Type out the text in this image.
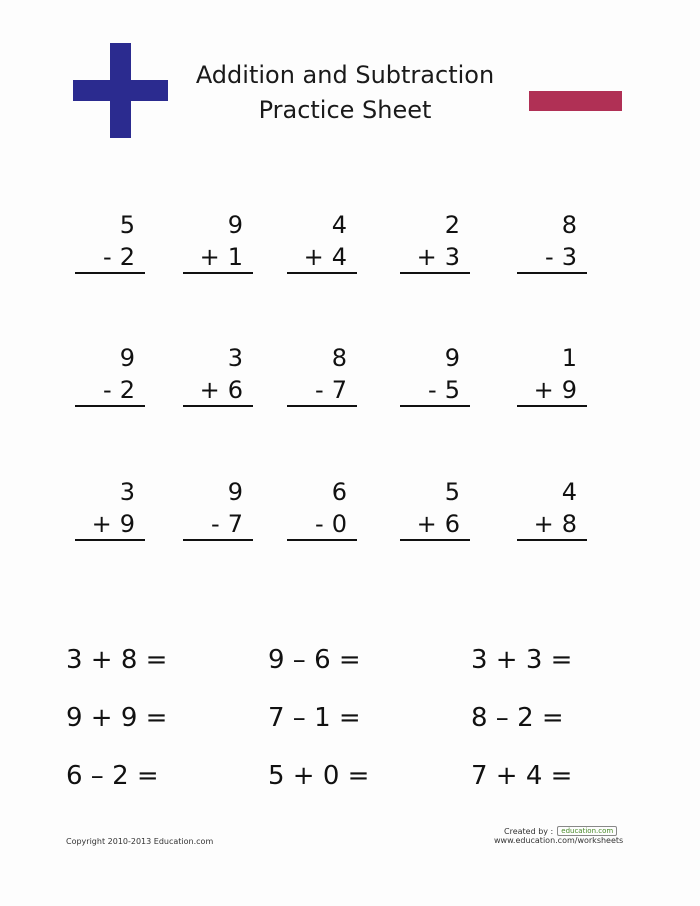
Addition and Subtraction
Practice Sheet
5
- 2
9
+ 1
4
+ 4
2
+ 3
8
- 3
9
- 2
3
+ 6
8
- 7
9
- 5
1
+ 9
3
+ 9
9
- 7
6
- 0
5
+ 6
4
+ 8
3 + 8 =	9 – 6 =	3 + 3 =
9 + 9 =	7 – 1 =	8 – 2 =
6 – 2 =	5 + 0 =	7 + 4 =
Copyright 2010-2013 Education.com
Created by :	education.com
www.education.com/worksheets
